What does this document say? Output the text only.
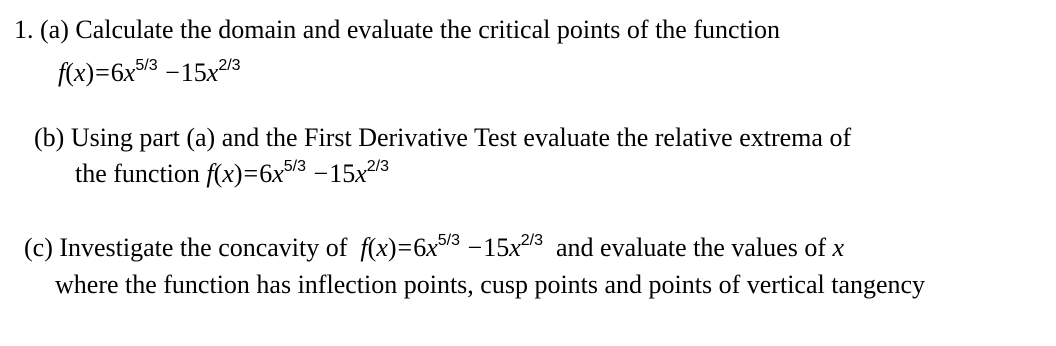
1. (a) Calculate the domain and evaluate the critical points of the function
$f(x)=6x^{5/3} -15x^{2/3}$
(b) Using part (a) and the First Derivative Test evaluate the relative extrema of
the function $f(x)=6x^{5/3} -15x^{2/3}$
(c) Investigate the concavity of  $f(x)=6x^{5/3} -15x^{2/3}$  and evaluate the values of x
where the function has inflection points, cusp points and points of vertical tangency
